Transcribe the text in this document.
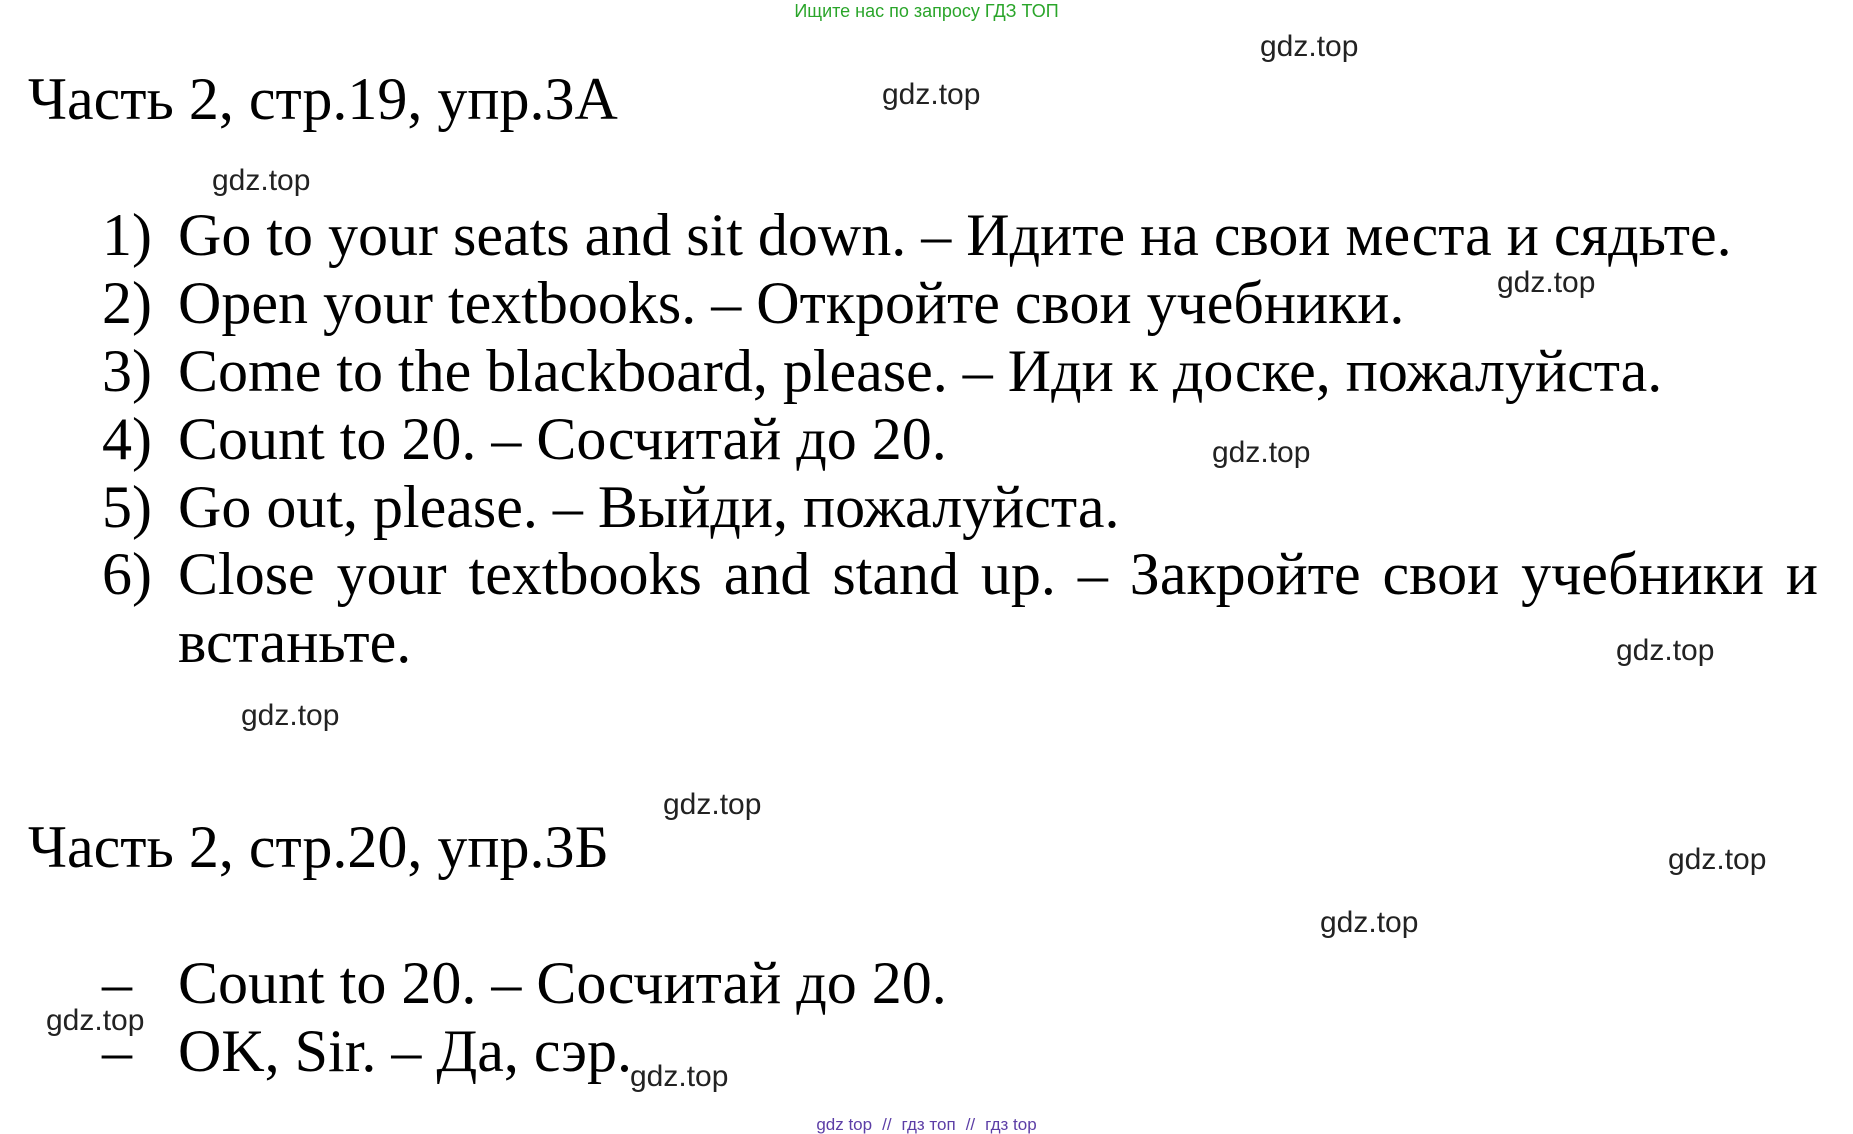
Ищите нас по запросу ГДЗ ТОП
Часть 2, стр.19, упр.3А
1) Go to your seats and sit down. – Идите на свои места и сядьте.
2) Open your textbooks. – Откройте свои учебники.
3) Come to the blackboard, please. – Иди к доске, пожалуйста.
4) Count to 20. – Сосчитай до 20.
5) Go out, please. – Выйди, пожалуйста.
6) Close your textbooks and stand up. – Закройте свои учебники и встаньте.
Часть 2, стр.20, упр.3Б
– Count to 20. – Сосчитай до 20.
– OK, Sir. – Да, сэр.
gdz.top
gdz.top
gdz.top
gdz.top
gdz.top
gdz.top
gdz.top
gdz.top
gdz.top
gdz.top
gdz.top
gdz.top
gdz top // гдз топ // гдз top
